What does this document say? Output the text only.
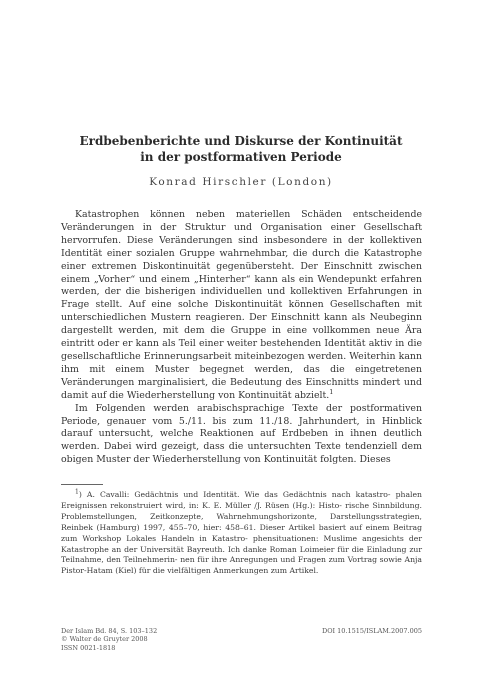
Erdbebenberichte und Diskurse der Kontinuität
in der postformativen Periode
Konrad Hirschler (London)

Katastrophen können neben materiellen Schäden entscheidende Veränderungen in der Struktur und Organisation einer Gesellschaft hervorrufen. Diese Veränderungen sind insbesondere in der kollektiven Identität einer sozialen Gruppe wahrnehmbar, die durch die Katastrophe einer extremen Diskontinuität gegenübersteht. Der Einschnitt zwischen einem „Vorher“ und einem „Hinterher“ kann als ein Wendepunkt erfahren werden, der die bisherigen individuellen und kollektiven Erfahrungen in Frage stellt. Auf eine solche Diskontinuität können Gesellschaften mit unterschiedlichen Mustern reagieren. Der Einschnitt kann als Neubeginn dargestellt werden, mit dem die Gruppe in eine vollkommen neue Ära eintritt oder er kann als Teil einer weiter bestehenden Identität aktiv in die gesellschaftliche Erinnerungsarbeit miteinbezogen werden. Weiterhin kann ihm mit einem Muster begegnet werden, das die eingetretenen Veränderungen marginalisiert, die Bedeutung des Einschnitts mindert und damit auf die Wiederherstellung von Kontinuität abzielt.$^1$

Im Folgenden werden arabischsprachige Texte der postformativen Periode, genauer vom 5./11. bis zum 11./18. Jahrhundert, in Hinblick darauf untersucht, welche Reaktionen auf Erdbeben in ihnen deutlich werden. Dabei wird gezeigt, dass die untersuchten Texte tendenziell dem obigen Muster der Wiederherstellung von Kontinuität folgten. Dieses

$^1$) A. Cavalli: Gedächtnis und Identität. Wie das Gedächtnis nach katastro- phalen Ereignissen rekonstruiert wird, in: K. E. Müller /J. Rüsen (Hg.): Histo- rische Sinnbildung. Problemstellungen, Zeitkonzepte, Wahrnehmungshorizonte, Darstellungsstrategien, Reinbek (Hamburg) 1997, 455–70, hier: 458–61. Dieser Artikel basiert auf einem Beitrag zum Workshop Lokales Handeln in Katastro- phensituationen: Muslime angesichts der Katastrophe an der Universität Bayreuth. Ich danke Roman Loimeier für die Einladung zur Teilnahme, den Teilnehmerin- nen für ihre Anregungen und Fragen zum Vortrag sowie Anja Pistor-Hatam (Kiel) für die vielfältigen Anmerkungen zum Artikel.

Der Islam Bd. 84, S. 103–132
© Walter de Gruyter 2008
ISSN 0021-1818
DOI 10.1515/ISLAM.2007.005
